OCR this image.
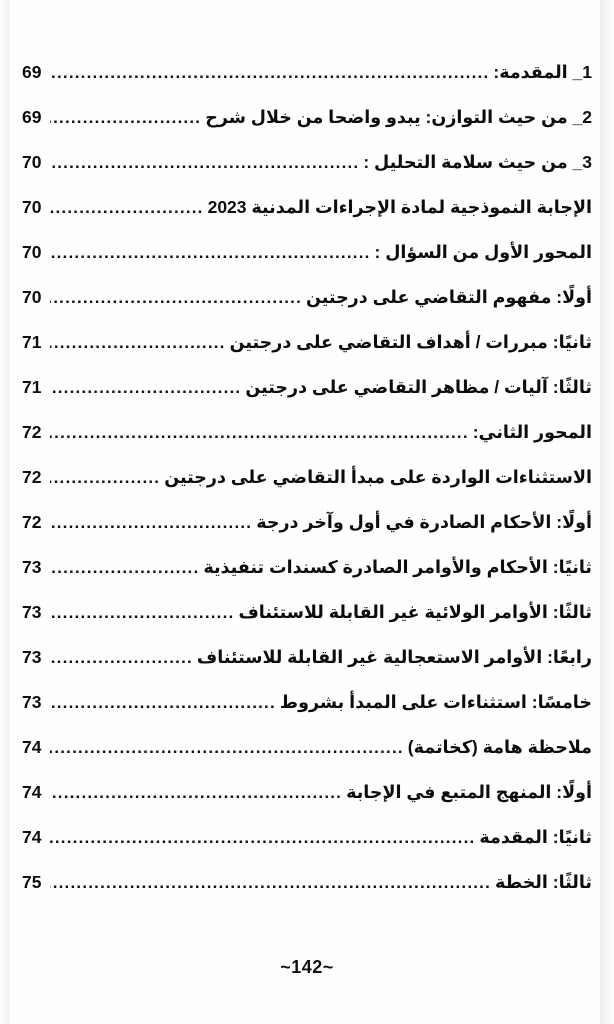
1_ المقدمة:
.....
69
2_ من حيث التوازن: يبدو واضحا من خلال شرح
.....
69
3_ من حيث سلامة التحليل :
.....
70
الإجابة النموذجية لمادة الإجراءات المدنية 2023
.....
70
المحور الأول من السؤال :
.....
70
أولًا: مفهوم التقاضي على درجتين
.....
70
ثانيًا: مبررات / أهداف التقاضي على درجتين
.....
71
ثالثًا: آليات / مظاهر التقاضي على درجتين
.....
71
المحور الثاني:
.....
72
الاستثناءات الواردة على مبدأ التقاضي على درجتين
.....
72
أولًا: الأحكام الصادرة في أول وآخر درجة
.....
72
ثانيًا: الأحكام والأوامر الصادرة كسندات تنفيذية
.....
73
ثالثًا: الأوامر الولائية غير القابلة للاستئناف
.....
73
رابعًا: الأوامر الاستعجالية غير القابلة للاستئناف
.....
73
خامسًا: استثناءات على المبدأ بشروط
.....
73
ملاحظة هامة (كخاتمة)
.....
74
أولًا: المنهج المتبع في الإجابة
.....
74
ثانيًا: المقدمة
.....
74
ثالثًا: الخطة
.....
75
~142~
